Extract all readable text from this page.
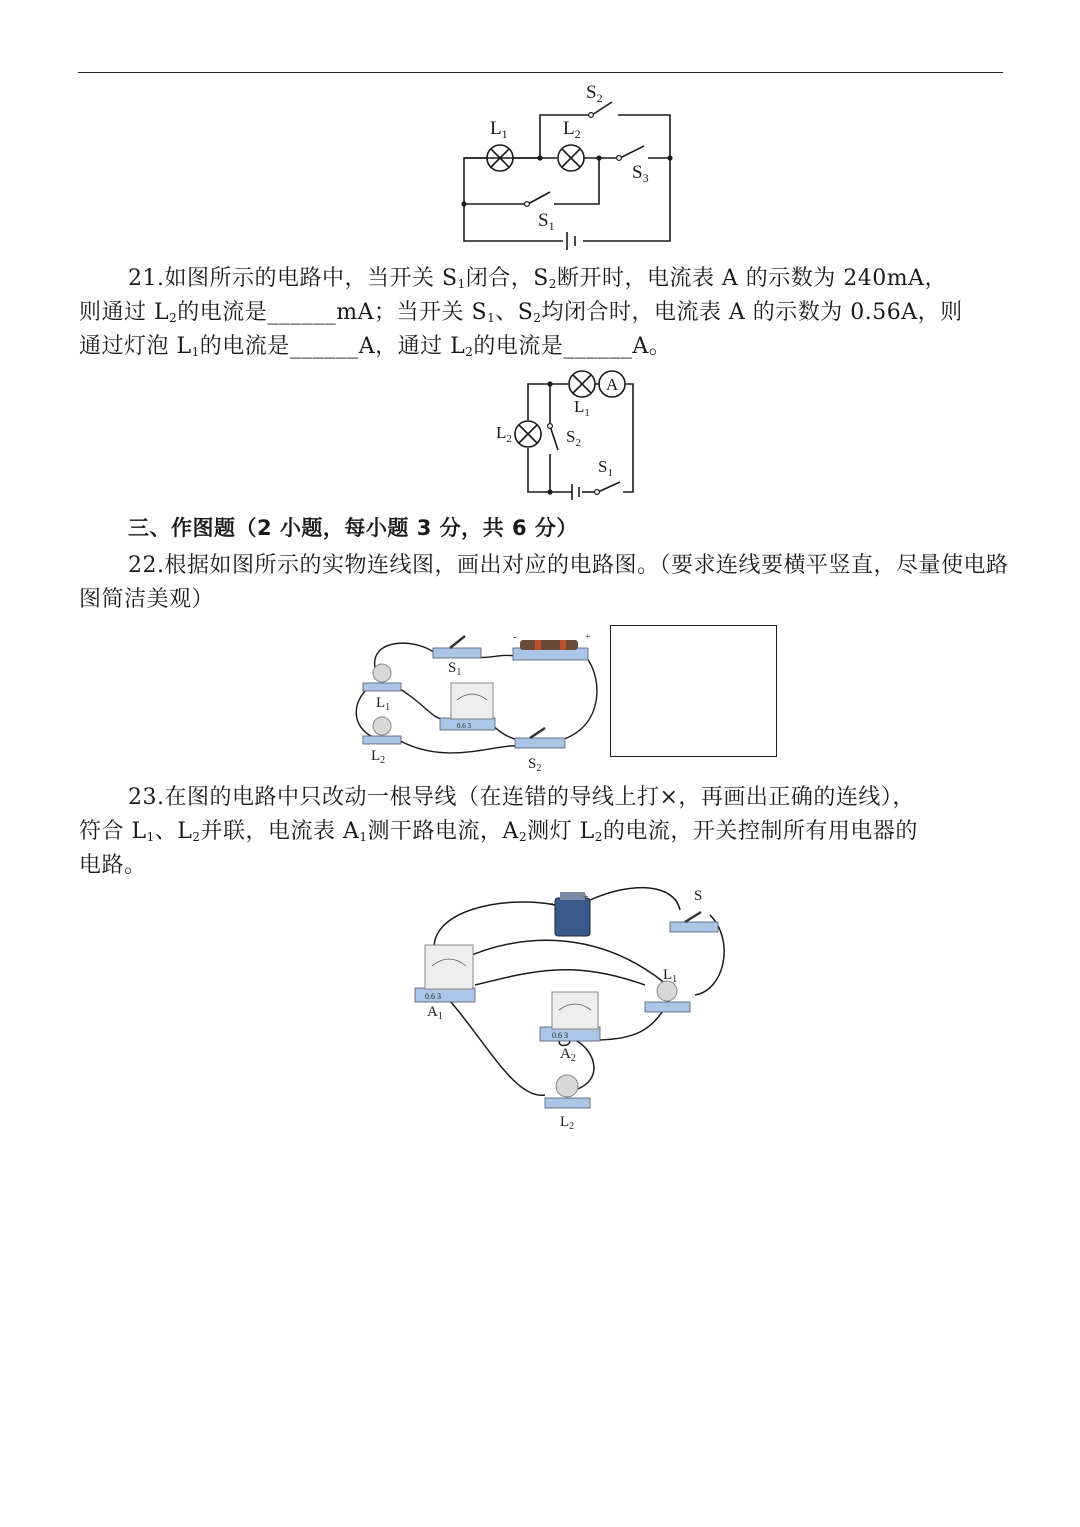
$S_2$
$L_1$	$L_2$
$S_3$
$S_1$

21.如图所示的电路中，当开关 $S_1$闭合，$S_2$断开时，电流表 A 的示数为 240mA，
则通过 $L_2$的电流是______mA；当开关 $S_1$、$S_2$均闭合时，电流表 A 的示数为 0.56A，则
通过灯泡 $L_1$的电流是______A，通过 $L_2$的电流是______A。

A
$L_1$
$L_2$	$S_2$
$S_1$

三、作图题（2 小题，每小题 3 分，共 6 分）

22.根据如图所示的实物连线图，画出对应的电路图。（要求连线要横平竖直，尽量使电路图简洁美观）

-	+
0.6 3
$S_1$
$L_1$
$L_2$	$S_2$

23.在图的电路中只改动一根导线（在连错的导线上打×，再画出正确的连线），
符合 $L_1$、$L_2$并联，电流表 $A_1$测干路电流，$A_2$测灯 $L_2$的电流，开关控制所有用电器的
电路。

-
+
0.6 3
0.6 3
S
$A_1$
$L_1$
$A_2$
$L_2$
